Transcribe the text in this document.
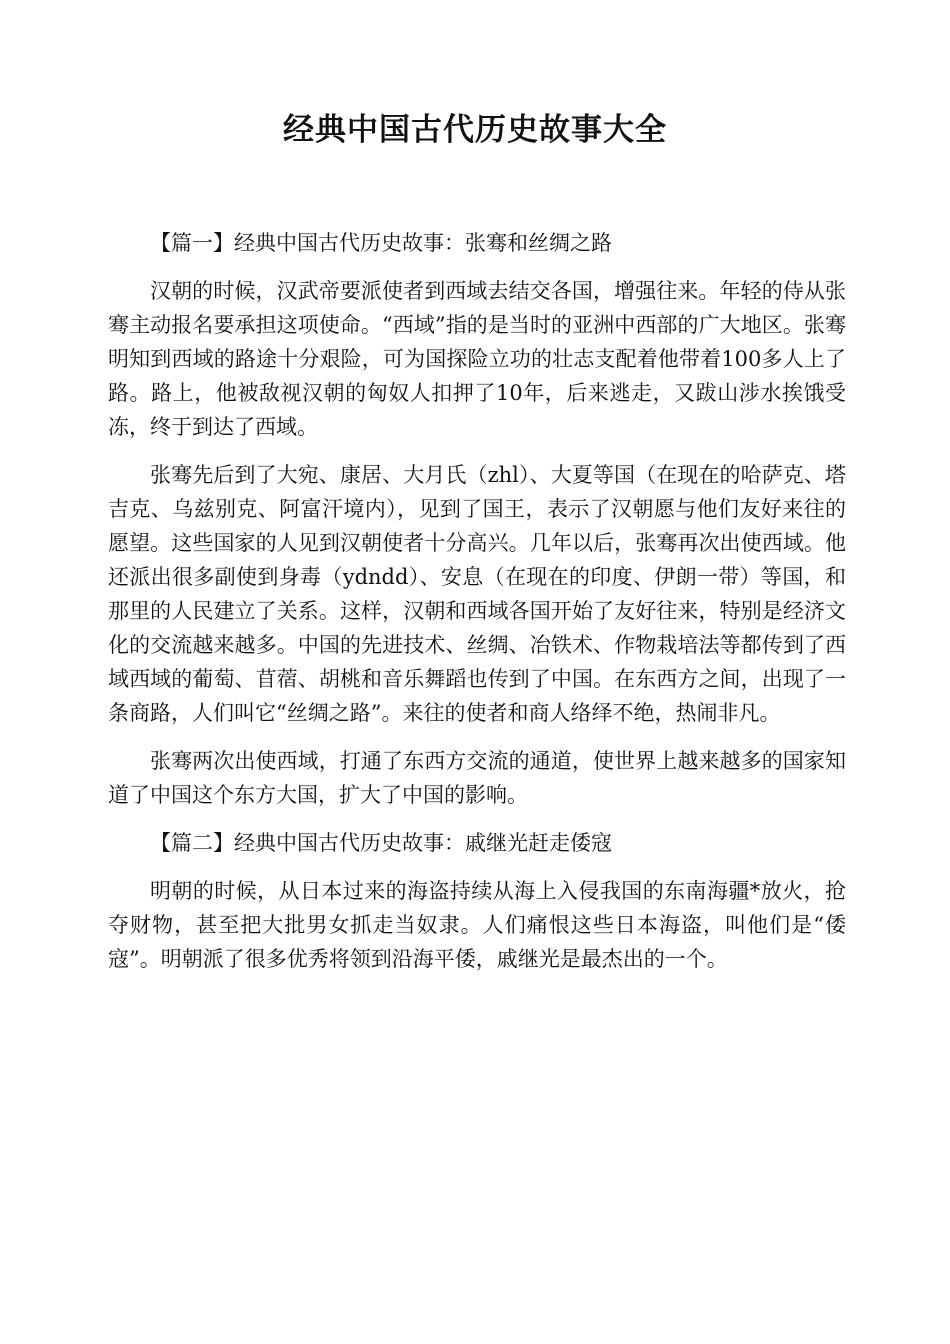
经典中国古代历史故事大全

【篇一】经典中国古代历史故事：张骞和丝绸之路

汉朝的时候，汉武帝要派使者到西域去结交各国，增强往来。年轻的侍从张骞主动报名要承担这项使命。“西域”指的是当时的亚洲中西部的广大地区。张骞明知到西域的路途十分艰险，可为国探险立功的壮志支配着他带着100多人上了路。路上，他被敌视汉朝的匈奴人扣押了10年，后来逃走，又跋山涉水挨饿受冻，终于到达了西域。

张骞先后到了大宛、康居、大月氏（zhl）、大夏等国（在现在的哈萨克、塔吉克、乌兹别克、阿富汗境内），见到了国王，表示了汉朝愿与他们友好来往的愿望。这些国家的人见到汉朝使者十分高兴。几年以后，张骞再次出使西域。他还派出很多副使到身毒（ydndd）、安息（在现在的印度、伊朗一带）等国，和那里的人民建立了关系。这样，汉朝和西域各国开始了友好往来，特别是经济文化的交流越来越多。中国的先进技术、丝绸、冶铁术、作物栽培法等都传到了西域西域的葡萄、苜蓿、胡桃和音乐舞蹈也传到了中国。在东西方之间，出现了一条商路，人们叫它“丝绸之路”。来往的使者和商人络绎不绝，热闹非凡。

张骞两次出使西域，打通了东西方交流的通道，使世界上越来越多的国家知道了中国这个东方大国，扩大了中国的影响。

【篇二】经典中国古代历史故事：戚继光赶走倭寇

明朝的时候，从日本过来的海盗持续从海上入侵我国的东南海疆*放火，抢夺财物，甚至把大批男女抓走当奴隶。人们痛恨这些日本海盗，叫他们是“倭寇”。明朝派了很多优秀将领到沿海平倭，戚继光是最杰出的一个。
